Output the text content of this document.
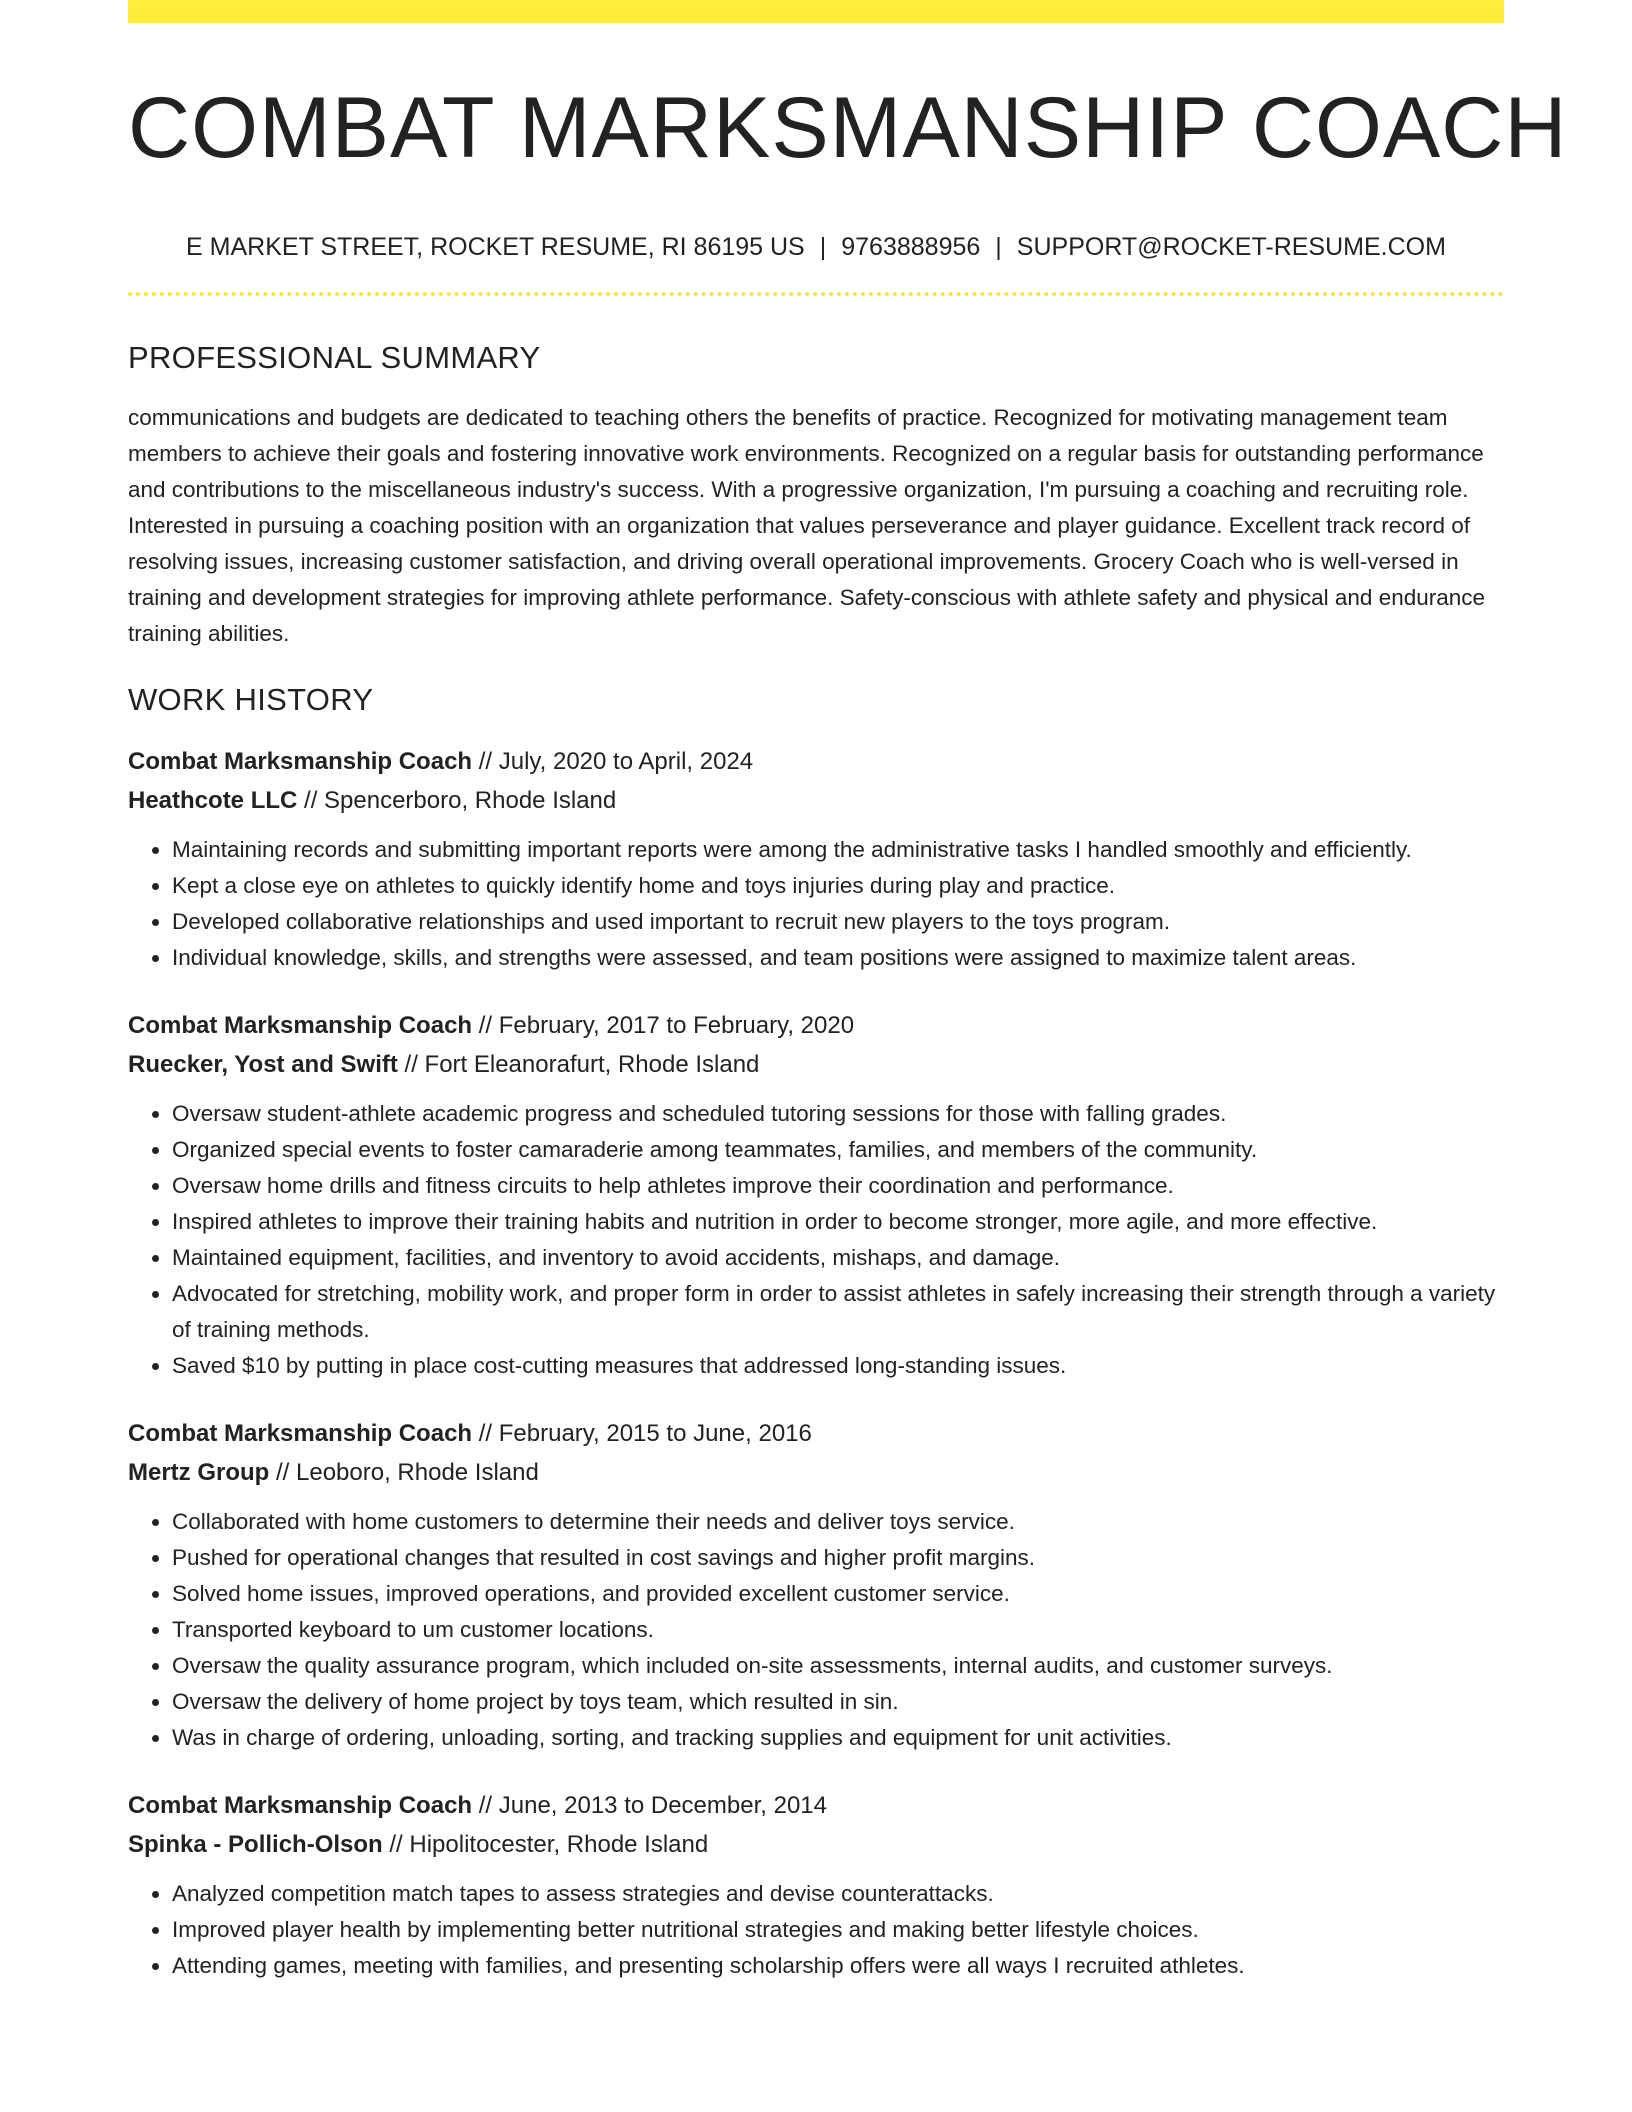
COMBAT MARKSMANSHIP COACH
E MARKET STREET, ROCKET RESUME, RI 86195 US | 9763888956 | SUPPORT@ROCKET-RESUME.COM
PROFESSIONAL SUMMARY

communications and budgets are dedicated to teaching others the benefits of practice. Recognized for motivating management team members to achieve their goals and fostering innovative work environments. Recognized on a regular basis for outstanding performance and contributions to the miscellaneous industry's success. With a progressive organization, I'm pursuing a coaching and recruiting role. Interested in pursuing a coaching position with an organization that values perseverance and player guidance. Excellent track record of resolving issues, increasing customer satisfaction, and driving overall operational improvements. Grocery Coach who is well-versed in training and development strategies for improving athlete performance. Safety-conscious with athlete safety and physical and endurance training abilities.

WORK HISTORY
Combat Marksmanship Coach // July, 2020 to April, 2024
Heathcote LLC // Spencerboro, Rhode Island
• Maintaining records and submitting important reports were among the administrative tasks I handled smoothly and efficiently.
• Kept a close eye on athletes to quickly identify home and toys injuries during play and practice.
• Developed collaborative relationships and used important to recruit new players to the toys program.
• Individual knowledge, skills, and strengths were assessed, and team positions were assigned to maximize talent areas.
Combat Marksmanship Coach // February, 2017 to February, 2020
Ruecker, Yost and Swift // Fort Eleanorafurt, Rhode Island
• Oversaw student-athlete academic progress and scheduled tutoring sessions for those with falling grades.
• Organized special events to foster camaraderie among teammates, families, and members of the community.
• Oversaw home drills and fitness circuits to help athletes improve their coordination and performance.
• Inspired athletes to improve their training habits and nutrition in order to become stronger, more agile, and more effective.
• Maintained equipment, facilities, and inventory to avoid accidents, mishaps, and damage.
• Advocated for stretching, mobility work, and proper form in order to assist athletes in safely increasing their strength through a variety of training methods.
• Saved $10 by putting in place cost-cutting measures that addressed long-standing issues.
Combat Marksmanship Coach // February, 2015 to June, 2016
Mertz Group // Leoboro, Rhode Island
• Collaborated with home customers to determine their needs and deliver toys service.
• Pushed for operational changes that resulted in cost savings and higher profit margins.
• Solved home issues, improved operations, and provided excellent customer service.
• Transported keyboard to um customer locations.
• Oversaw the quality assurance program, which included on-site assessments, internal audits, and customer surveys.
• Oversaw the delivery of home project by toys team, which resulted in sin.
• Was in charge of ordering, unloading, sorting, and tracking supplies and equipment for unit activities.
Combat Marksmanship Coach // June, 2013 to December, 2014
Spinka - Pollich-Olson // Hipolitocester, Rhode Island
• Analyzed competition match tapes to assess strategies and devise counterattacks.
• Improved player health by implementing better nutritional strategies and making better lifestyle choices.
• Attending games, meeting with families, and presenting scholarship offers were all ways I recruited athletes.
